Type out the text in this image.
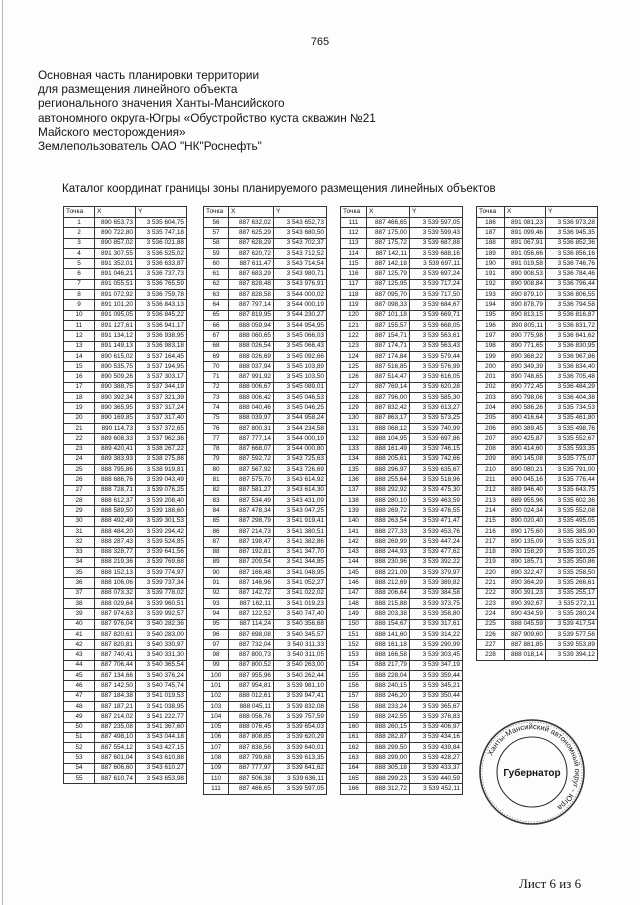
765
Основная часть планировки территории
для размещения линейного объекта
регионального значения Ханты-Мансийского
автономного округа-Югры «Обустройство куста скважин №21
Майского месторождения»
Землепользователь ОАО "НК"Роснефть"
Каталог координат границы зоны планируемого размещения линейных объектов
Точка	X	Y
1	890 653,73	3 535 604,75
2	890 722,80	3 535 747,18
3	890 857,02	3 536 021,88
4	891 307,55	3 536 525,02
5	891 352,01	3 536 633,87
6	891 046,21	3 536 737,73
7	891 055,51	3 536 765,59
8	891 072,92	3 536 759,78
9	891 101,20	3 536 843,13
10	891 095,05	3 536 845,22
11	891 127,61	3 536 941,17
12	891 134,12	3 536 938,95
13	891 149,13	3 536 983,18
14	890 615,02	3 537 164,45
15	890 535,75	3 537 194,95
16	890 509,26	3 537 303,17
17	890 388,75	3 537 344,19
18	890 392,34	3 537 321,39
19	890 365,95	3 537 317,24
20	890 169,85	3 537 317,40
21	890 114,73	3 537 372,65
22	889 608,33	3 537 962,36
23	889 420,41	3 538 267,22
24	889 383,93	3 538 275,86
25	888 795,86	3 538 919,81
26	888 686,76	3 539 043,49
27	888 728,71	3 539 076,25
28	888 612,37	3 539 208,40
29	888 589,50	3 539 188,60
30	888 492,49	3 539 301,53
31	888 484,20	3 539 294,42
32	888 287,43	3 539 524,85
33	888 328,77	3 539 641,56
34	888 219,36	3 539 769,68
35	888 152,13	3 539 774,97
36	888 106,06	3 539 737,34
37	888 073,32	3 539 778,02
38	888 029,64	3 539 960,51
39	887 974,63	3 539 992,57
40	887 976,04	3 540 282,36
41	887 820,61	3 540 283,00
42	887 820,81	3 540 330,97
43	887 740,41	3 540 331,30
44	887 706,44	3 540 365,54
45	887 134,66	3 540 376,24
46	887 142,50	3 540 745,74
47	887 184,38	3 541 019,53
48	887 187,21	3 541 038,95
49	887 214,02	3 541 222,77
50	887 235,08	3 541 367,60
51	887 498,10	3 543 044,18
52	887 554,12	3 543 427,15
53	887 601,04	3 543 610,88
54	887 606,60	3 543 610,27
55	887 610,74	3 543 653,98
Точка	X	Y
56	887 632,02	3 543 652,73
57	887 625,29	3 543 680,50
58	887 628,29	3 543 702,37
59	887 620,72	3 543 712,52
60	887 611,47	3 543 714,54
61	887 683,29	3 543 980,71
62	887 828,48	3 543 976,91
63	887 828,58	3 544 000,02
64	887 797,14	3 544 000,19
65	887 819,95	3 544 230,27
66	888 059,94	3 544 954,95
67	888 060,65	3 545 066,03
68	888 026,54	3 545 066,43
69	888 026,69	3 545 092,66
70	888 037,94	3 545 103,89
71	887 991,92	3 545 103,50
72	888 006,67	3 545 089,01
73	888 006,42	3 545 046,53
74	888 040,46	3 545 046,25
75	888 039,97	3 544 958,24
76	887 800,31	3 544 234,58
77	887 777,14	3 544 000,19
78	887 668,07	3 544 000,80
79	887 592,72	3 543 725,63
80	887 567,92	3 543 726,69
81	887 575,70	3 543 614,92
82	887 581,27	3 543 614,30
83	887 534,49	3 543 431,09
84	887 478,34	3 543 047,25
85	887 298,79	3 541 919,41
86	887 214,73	3 541 380,51
87	887 198,47	3 541 382,86
88	887 192,81	3 541 347,70
89	887 209,54	3 541 344,85
90	887 166,48	3 541 048,95
91	887 146,96	3 541 052,27
92	887 142,72	3 541 022,02
93	887 162,11	3 541 019,23
94	887 122,52	3 540 747,40
95	887 114,24	3 540 356,68
96	887 698,08	3 540 345,57
97	887 732,04	3 540 311,33
98	887 800,73	3 540 311,05
99	887 800,52	3 540 263,00
100	887 955,96	3 540 262,44
101	887 954,81	3 539 981,10
102	888 012,61	3 539 947,41
103	888 045,11	3 539 832,08
104	888 056,76	3 539 757,59
105	888 076,45	3 539 654,03
106	887 808,85	3 539 620,29
107	887 838,56	3 539 640,01
108	887 799,68	3 539 613,35
109	887 777,97	3 539 641,62
110	887 506,38	3 539 636,11
111	887 466,65	3 539 597,05
Точка	X	Y
111	887 466,65	3 539 597,05
112	887 175,00	3 539 599,43
113	887 175,72	3 539 687,88
114	887 142,11	3 539 688,16
115	887 142,18	3 539 697,11
116	887 125,79	3 539 697,24
117	887 125,95	3 539 717,24
118	887 095,70	3 539 717,50
119	887 098,33	3 539 684,67
120	887 101,18	3 539 669,71
121	887 155,57	3 539 668,05
122	887 154,71	3 539 563,61
123	887 174,71	3 539 563,43
124	887 174,84	3 539 579,44
125	887 516,85	3 539 576,99
126	887 514,47	3 539 616,05
127	887 769,14	3 539 620,28
128	887 796,00	3 539 585,30
129	887 832,42	3 539 613,27
130	887 863,17	3 539 573,25
131	888 068,12	3 539 740,99
132	888 104,95	3 539 697,86
133	888 161,49	3 539 746,15
134	888 205,61	3 539 742,66
135	888 296,97	3 539 635,67
136	888 255,64	3 539 518,96
137	888 292,92	3 539 475,30
138	888 280,10	3 539 463,59
139	888 269,72	3 539 476,55
140	888 263,54	3 539 471,47
141	888 277,33	3 539 453,76
142	888 269,99	3 539 447,24
143	888 244,93	3 539 477,62
144	888 230,96	3 539 392,22
145	888 221,09	3 539 379,97
146	888 212,69	3 539 389,82
147	888 206,64	3 539 384,58
148	888 215,88	3 539 373,75
149	888 203,38	3 539 358,80
150	888 154,67	3 539 317,61
151	888 141,60	3 539 314,22
152	888 161,18	3 539 290,99
153	888 166,58	3 539 303,45
154	888 217,79	3 539 347,19
155	888 228,04	3 539 359,44
156	888 240,15	3 539 345,21
157	888 246,20	3 539 350,44
158	888 233,24	3 539 365,67
159	888 242,55	3 539 376,83
160	888 260,15	3 539 406,97
161	888 282,87	3 539 434,16
162	888 299,50	3 539 439,84
163	888 299,00	3 539 428,27
164	888 305,18	3 539 433,37
165	888 299,23	3 539 440,59
166	888 312,72	3 539 452,11
Точка	X	Y
186	891 081,23	3 536 973,28
187	891 099,46	3 536 945,35
188	891 067,91	3 536 852,36
189	891 056,66	3 536 856,16
190	891 019,58	3 536 746,76
191	890 908,53	3 536 784,46
192	890 908,84	3 536 796,44
193	890 879,10	3 536 806,55
194	890 878,79	3 536 794,58
195	890 813,15	3 536 816,87
196	890 805,11	3 536 831,72
197	890 775,98	3 536 841,62
198	890 771,65	3 536 830,95
199	890 368,22	3 536 967,86
200	890 349,39	3 536 834,40
201	890 748,65	3 536 705,48
202	890 772,45	3 536 484,29
203	890 798,06	3 536 404,38
204	890 586,26	3 535 734,53
205	890 416,64	3 535 461,80
206	890 389,45	3 535 498,76
207	890 425,87	3 535 552,67
208	890 414,60	3 535 593,35
209	890 145,08	3 535 775,07
210	890 080,21	3 535 791,00
211	890 045,16	3 535 776,44
212	889 946,40	3 535 643,75
213	889 955,96	3 535 602,36
214	890 024,34	3 535 552,08
215	890 020,40	3 535 495,05
216	890 175,60	3 535 385,90
217	890 135,09	3 535 325,91
218	890 158,29	3 535 310,25
219	890 185,71	3 535 350,86
220	890 322,47	3 535 258,50
221	890 364,29	3 535 266,61
222	890 391,23	3 535 255,17
223	890 392,67	3 535 272,11
224	890 434,59	3 535 280,24
225	888 045,59	3 539 417,54
226	887 909,60	3 539 577,56
227	887 881,85	3 539 553,89
228	888 018,14	3 539 394,12
Ханты-Мансийский автономный округ - Югра
Губернатор
Лист 6 из 6
